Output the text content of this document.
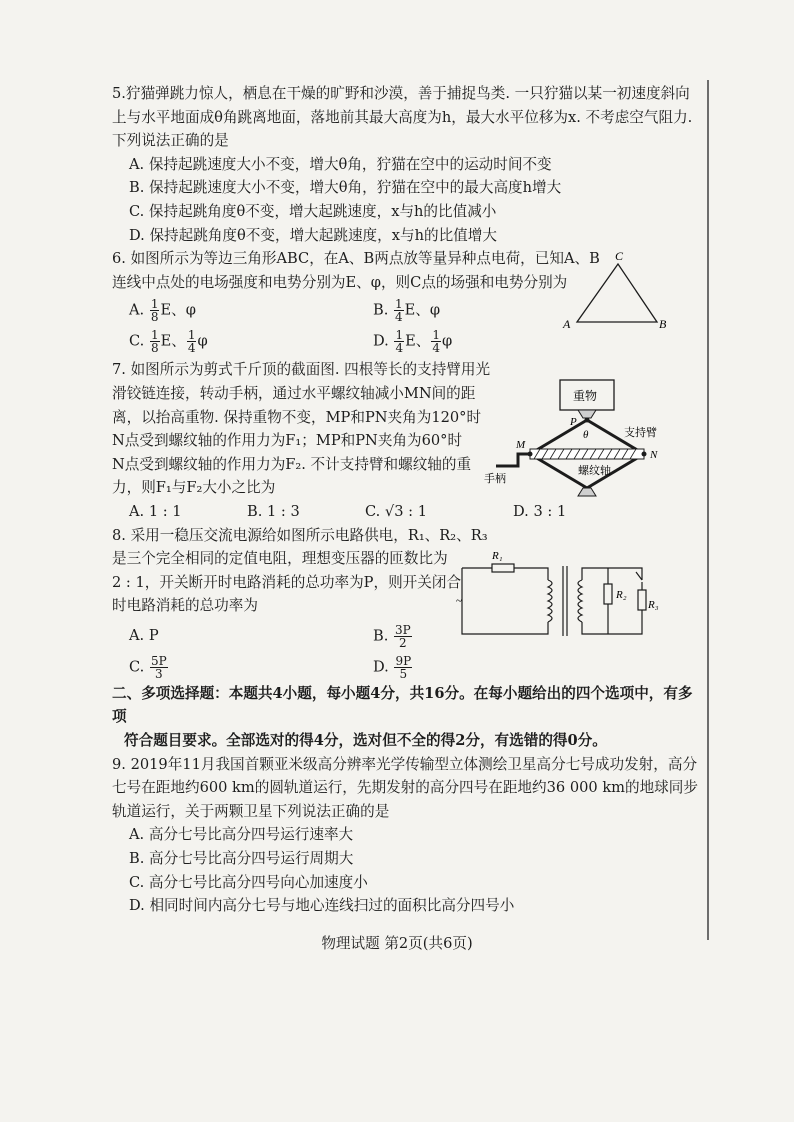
5.狞猫弹跳力惊人，栖息在干燥的旷野和沙漠，善于捕捉鸟类. 一只狞猫以某一初速度斜向上与水平地面成θ角跳离地面，落地前其最大高度为h，最大水平位移为x. 不考虑空气阻力. 下列说法正确的是

A. 保持起跳速度大小不变，增大θ角，狞猫在空中的运动时间不变

B. 保持起跳速度大小不变，增大θ角，狞猫在空中的最大高度h增大

C. 保持起跳角度θ不变，增大起跳速度，x与h的比值减小

D. 保持起跳角度θ不变，增大起跳速度，x与h的比值增大

6. 如图所示为等边三角形ABC，在A、B两点放等量异种点电荷，已知A、B

连线中点处的电场强度和电势分别为E、φ，则C点的场强和电势分别为

A. $\frac{1}{8}$ E、φ	B. $\frac{1}{4}$ E、φ
C. $\frac{1}{8}$ E、 $\frac{1}{4}$ φ	D. $\frac{1}{4}$ E、 $\frac{1}{4}$ φ

7. 如图所示为剪式千斤顶的截面图. 四根等长的支持臂用光

滑铰链连接，转动手柄，通过水平螺纹轴减小MN间的距

离，以抬高重物. 保持重物不变，MP和PN夹角为120°时

N点受到螺纹轴的作用力为F₁；MP和PN夹角为60°时

N点受到螺纹轴的作用力为F₂. 不计支持臂和螺纹轴的重

力，则F₁与F₂大小之比为

A. 1 : 1	B. 1 : 3	C. √3 : 1	D. 3 : 1

8. 采用一稳压交流电源给如图所示电路供电，R₁、R₂、R₃

是三个完全相同的定值电阻，理想变压器的匝数比为

2 : 1，开关断开时电路消耗的总功率为P，则开关闭合

时电路消耗的总功率为

A. P	B. $\frac{3P}{2}$
C. $\frac{5P}{3}$	D. $\frac{9P}{5}$
二、多项选择题：本题共4小题，每小题4分，共16分。在每小题给出的四个选项中，有多项
符合题目要求。全部选对的得4分，选对但不全的得2分，有选错的得0分。

9. 2019年11月我国首颗亚米级高分辨率光学传输型立体测绘卫星高分七号成功发射，高分七号在距地约600 km的圆轨道运行，先期发射的高分四号在距地约36 000 km的地球同步轨道运行，关于两颗卫星下列说法正确的是

A. 高分七号比高分四号运行速率大

B. 高分七号比高分四号运行周期大

C. 高分七号比高分四号向心加速度小

D. 相同时间内高分七号与地心连线扫过的面积比高分四号小

C
A	B
重物
P
θ
M
N
支持臂
螺纹轴
手柄
R₁
~	R₂
R₃
物理试题 第2页(共6页)
